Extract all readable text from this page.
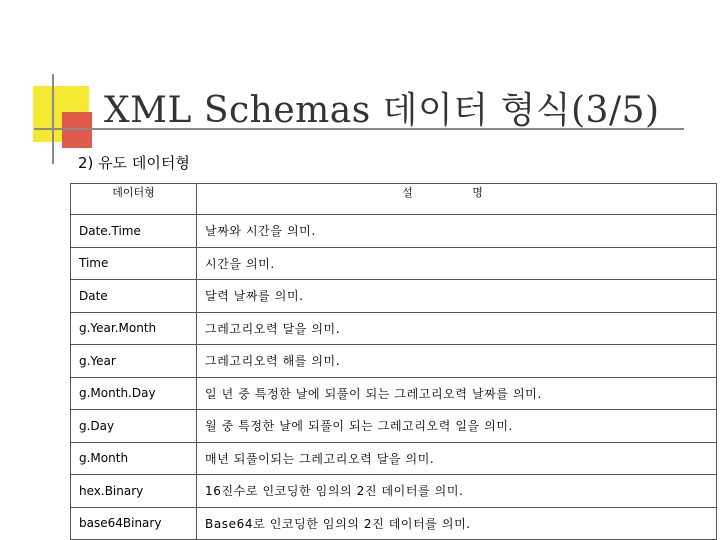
XML Schemas 데이터 형식(3/5)
2) 유도 데이터형
데이터형	설 명
Date.Time	날짜와 시간을 의미.
Time	시간을 의미.
Date	달력 날짜를 의미.
g.Year.Month	그레고리오력 달을 의미.
g.Year	그레고리오력 해를 의미.
g.Month.Day	일 년 중 특정한 날에 되풀이 되는 그레고리오력 날짜를 의미.
g.Day	월 중 특정한 날에 되풀이 되는 그레고리오력 일을 의미.
g.Month	매년 되풀이되는 그레고리오력 달을 의미.
hex.Binary	16진수로 인코딩한 임의의 2진 데이터를 의미.
base64Binary	Base64로 인코딩한 임의의 2진 데이터를 의미.
